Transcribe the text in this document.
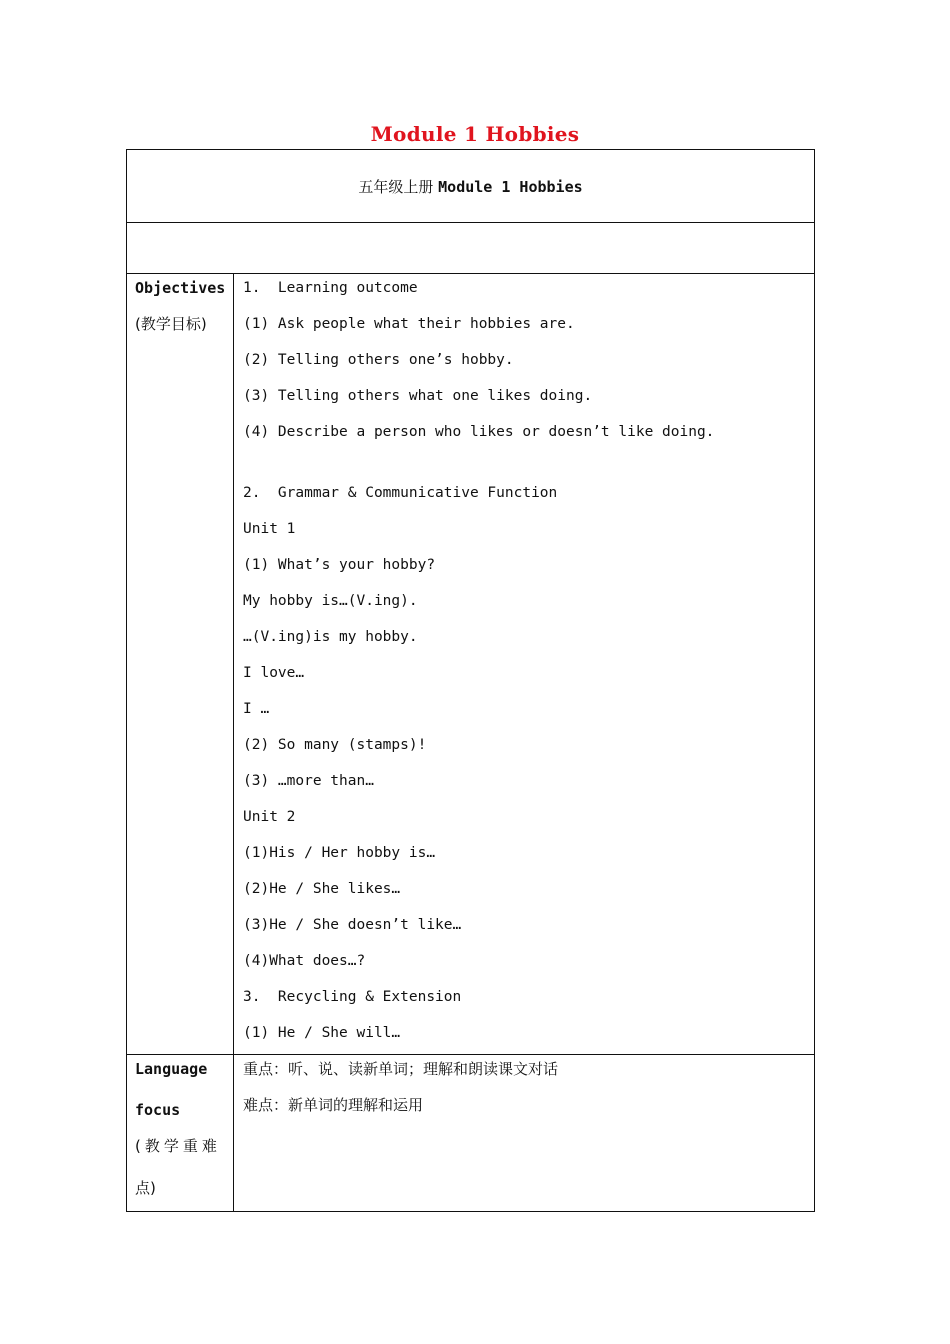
Module 1 Hobbies
五年级上册 Module 1 Hobbies
Objectives
(教学目标)
1.  Learning outcome
(1) Ask people what their hobbies are.
(2) Telling others one’s hobby.
(3) Telling others what one likes doing.
(4) Describe a person who likes or doesn’t like doing.
2.  Grammar & Communicative Function
Unit 1
(1) What’s your hobby?
My hobby is…(V.ing).
…(V.ing)is my hobby.
I love…
I …
(2) So many (stamps)!
(3) …more than…
Unit 2
(1)His / Her hobby is…
(2)He / She likes…
(3)He / She doesn’t like…
(4)What does…?
3.  Recycling & Extension
(1) He / She will…
Language
focus
(教学重难
点)
重点：听、说、读新单词；理解和朗读课文对话
难点：新单词的理解和运用
